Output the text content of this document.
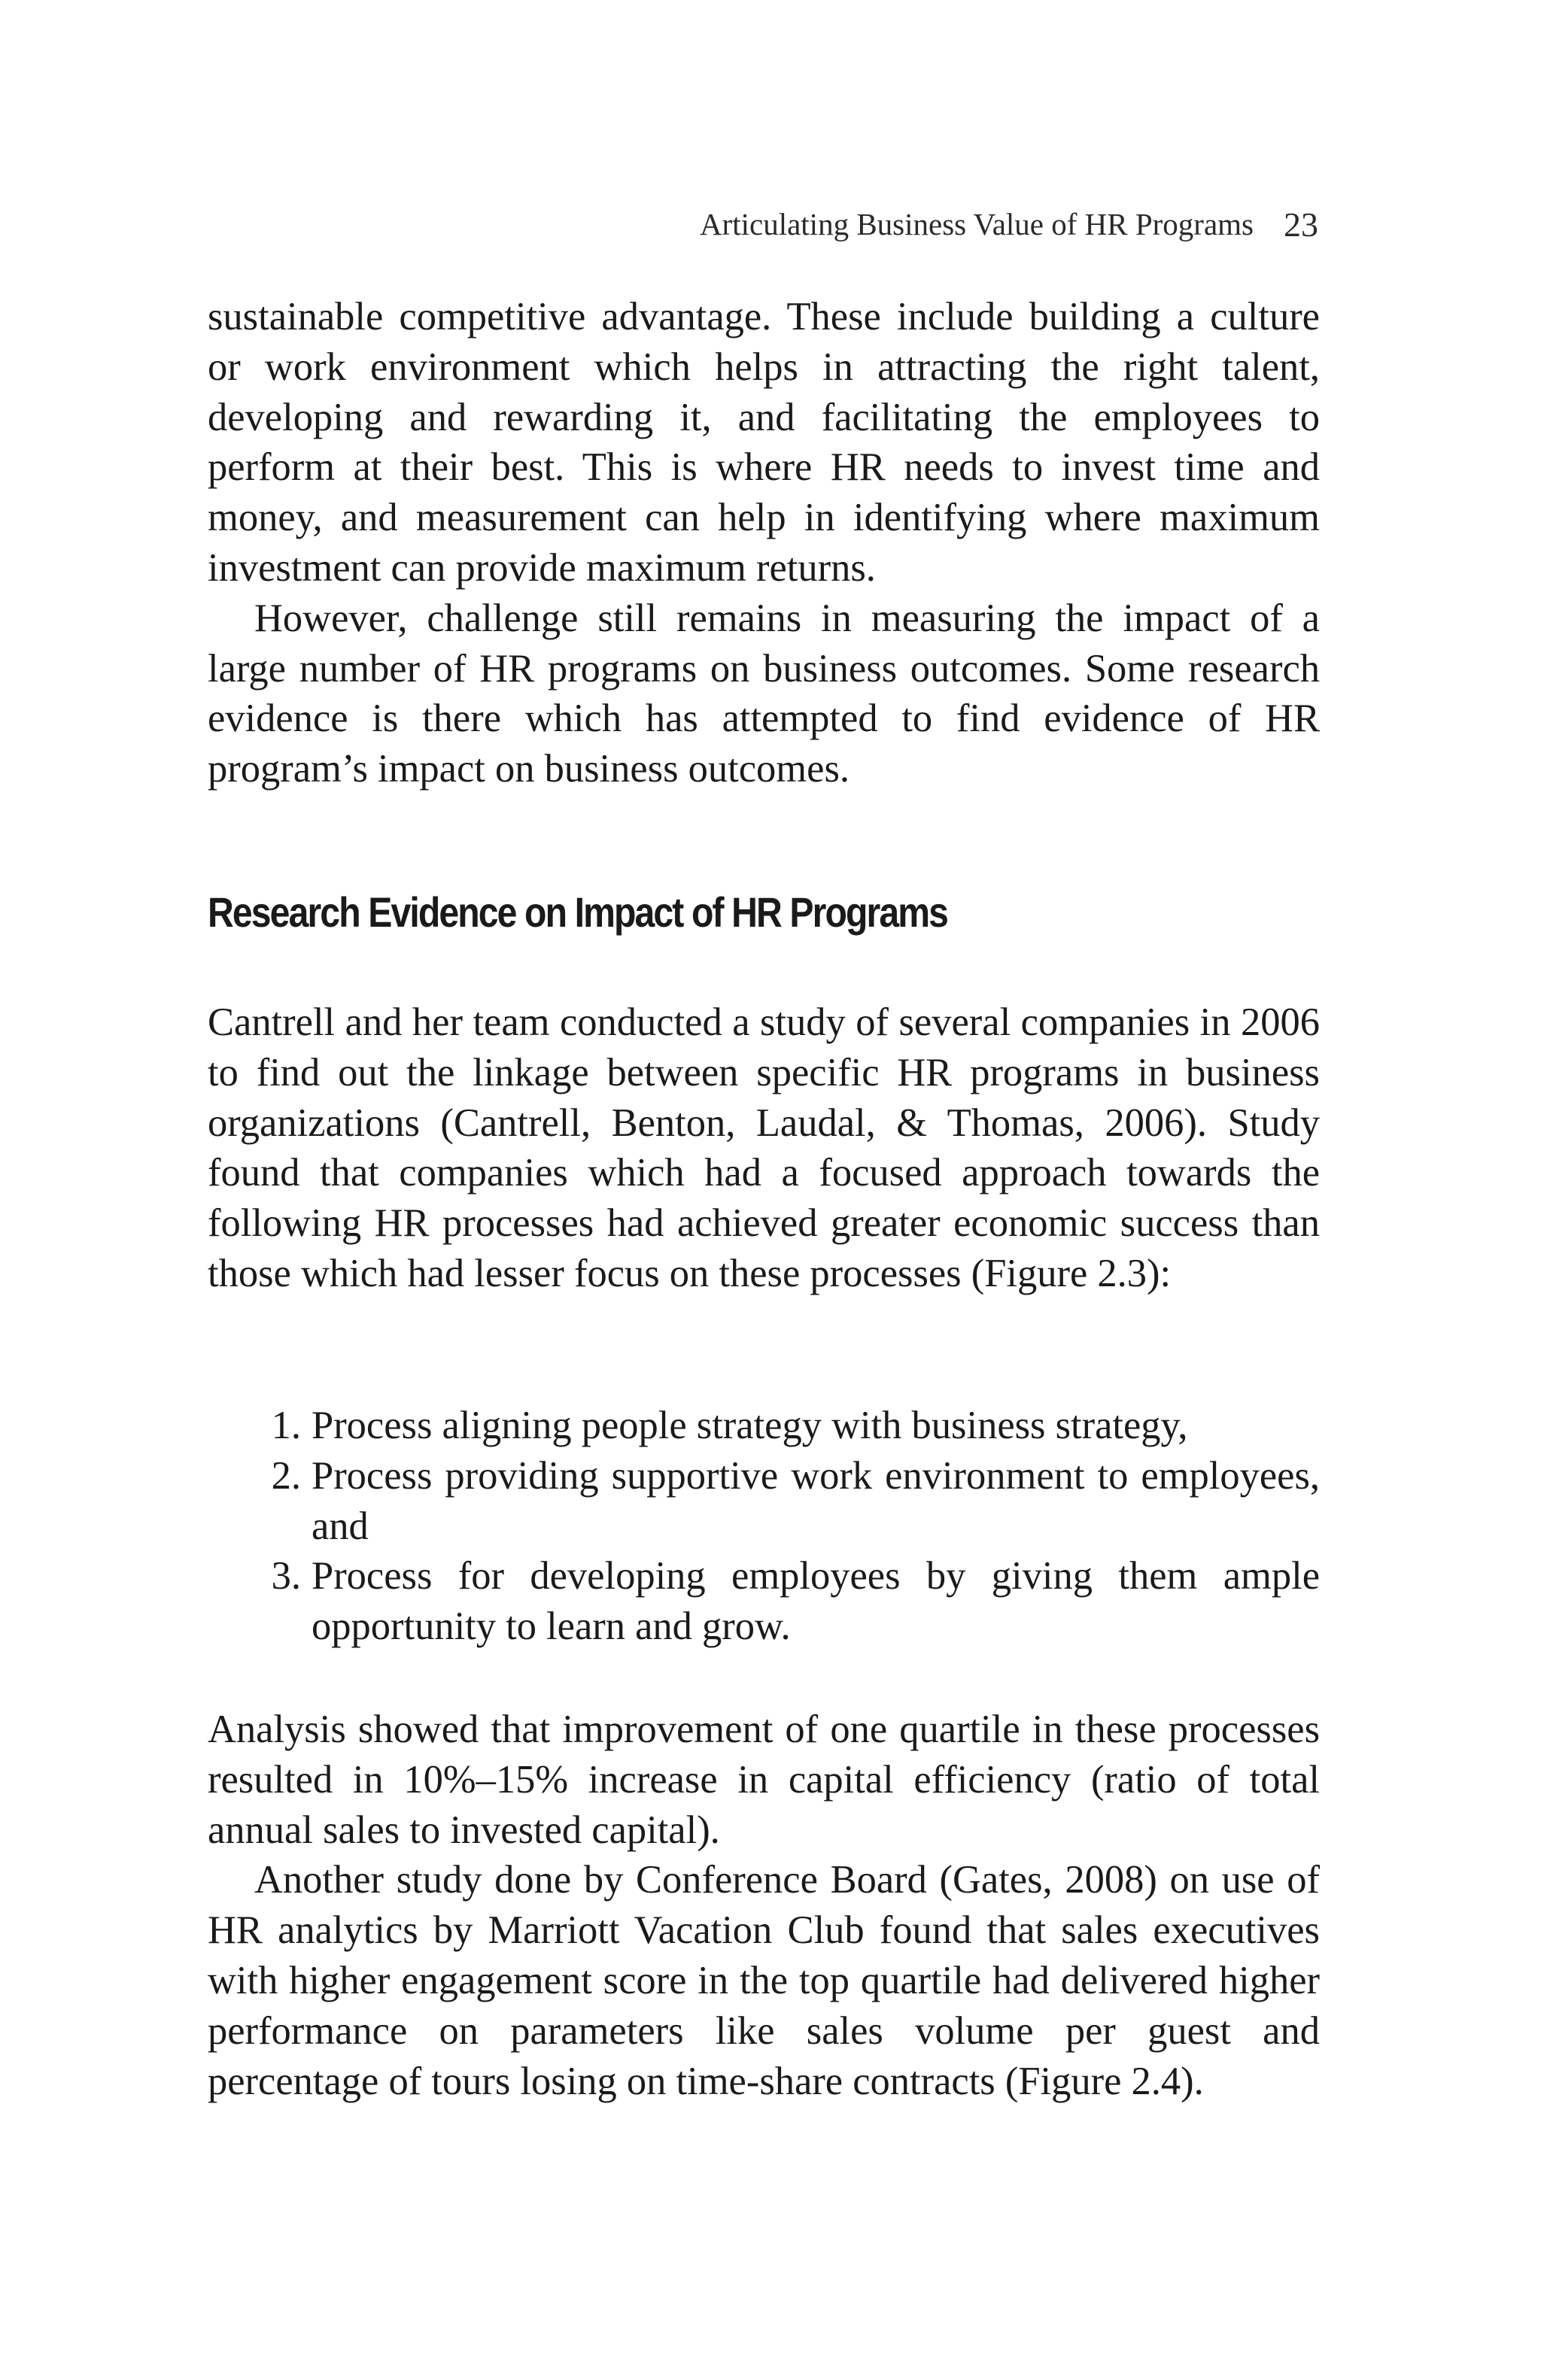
Articulating Business Value of HR Programs 23

sustainable competitive advantage. These include building a culture or work environment which helps in attracting the right talent, developing and rewarding it, and facilitating the employees to perform at their best. This is where HR needs to invest time and money, and measurement can help in identifying where maximum investment can provide maximum returns.

However, challenge still remains in measuring the impact of a large number of HR programs on business outcomes. Some research evidence is there which has attempted to find evidence of HR program’s impact on business outcomes.

Research Evidence on Impact of HR Programs

Cantrell and her team conducted a study of several companies in 2006 to find out the linkage between specific HR programs in business organizations (Cantrell, Benton, Laudal, & Thomas, 2006). Study found that companies which had a focused approach towards the following HR processes had achieved greater economic success than those which had lesser focus on these processes (Figure 2.3):

1. Process aligning people strategy with business strategy,
2. Process providing supportive work environment to employees, and
3. Process for developing employees by giving them ample opportunity to learn and grow.

Analysis showed that improvement of one quartile in these processes resulted in 10%–15% increase in capital efficiency (ratio of total annual sales to invested capital).

Another study done by Conference Board (Gates, 2008) on use of HR analytics by Marriott Vacation Club found that sales executives with higher engagement score in the top quartile had delivered higher performance on parameters like sales volume per guest and percentage of tours losing on time-share contracts (Figure 2.4).
